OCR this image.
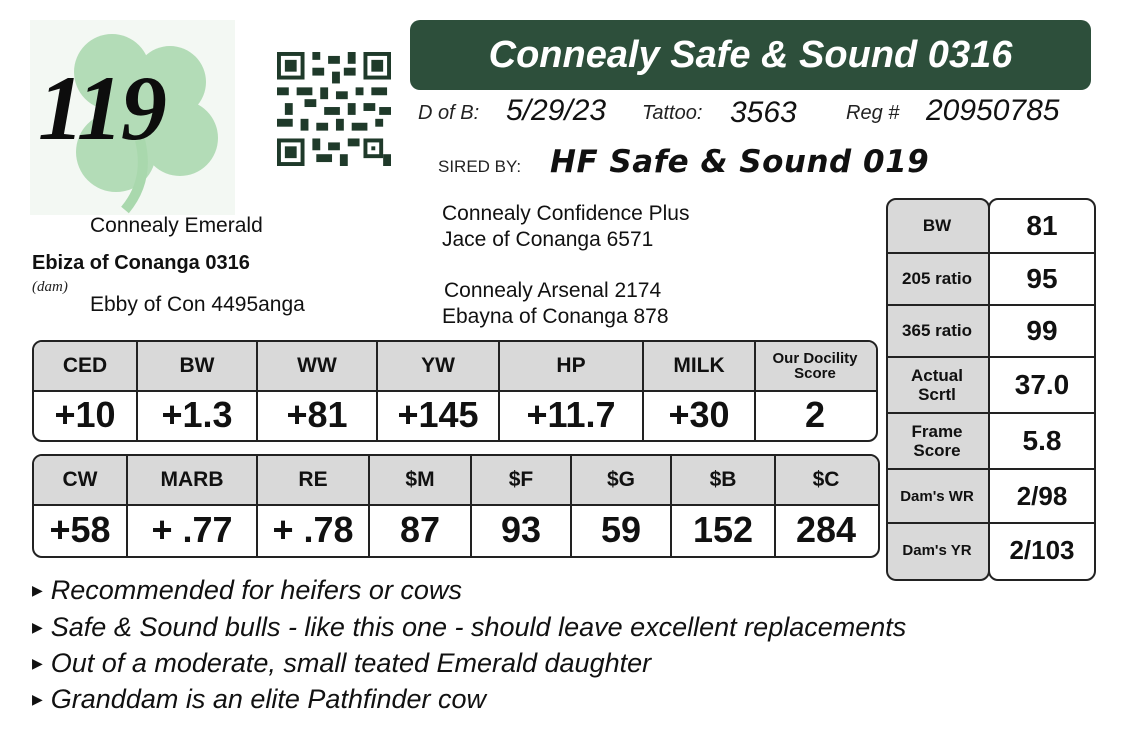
119
Connealy Safe & Sound 0316
D of B: 5/29/23 Tattoo: 3563 Reg # 20950785
SIRED BY: HF Safe & Sound 019
Connealy Confidence Plus
Jace of Conanga 6571
Connealy Arsenal 2174
Ebayna of Conanga 878
Connealy Emerald
Ebiza of Conanga 0316
(dam)
Ebby of Con 4495anga
CED	BW	WW	YW	HP	MILK	Our Docility
Score
+10	+1.3	+81	+145	+11.7	+30	2
CW	MARB	RE	$M	$F	$G	$B	$C
+58	+ .77	+ .78	87	93	59	152	284
BW	81
205 ratio	95
365 ratio	99
Actual
Scrtl	37.0
Frame
Score	5.8
Dam's WR	2/98
Dam's YR	2/103
▶ Recommended for heifers or cows
▶ Safe & Sound bulls - like this one - should leave excellent replacements
▶ Out of a moderate, small teated Emerald daughter
▶ Granddam is an elite Pathfinder cow
